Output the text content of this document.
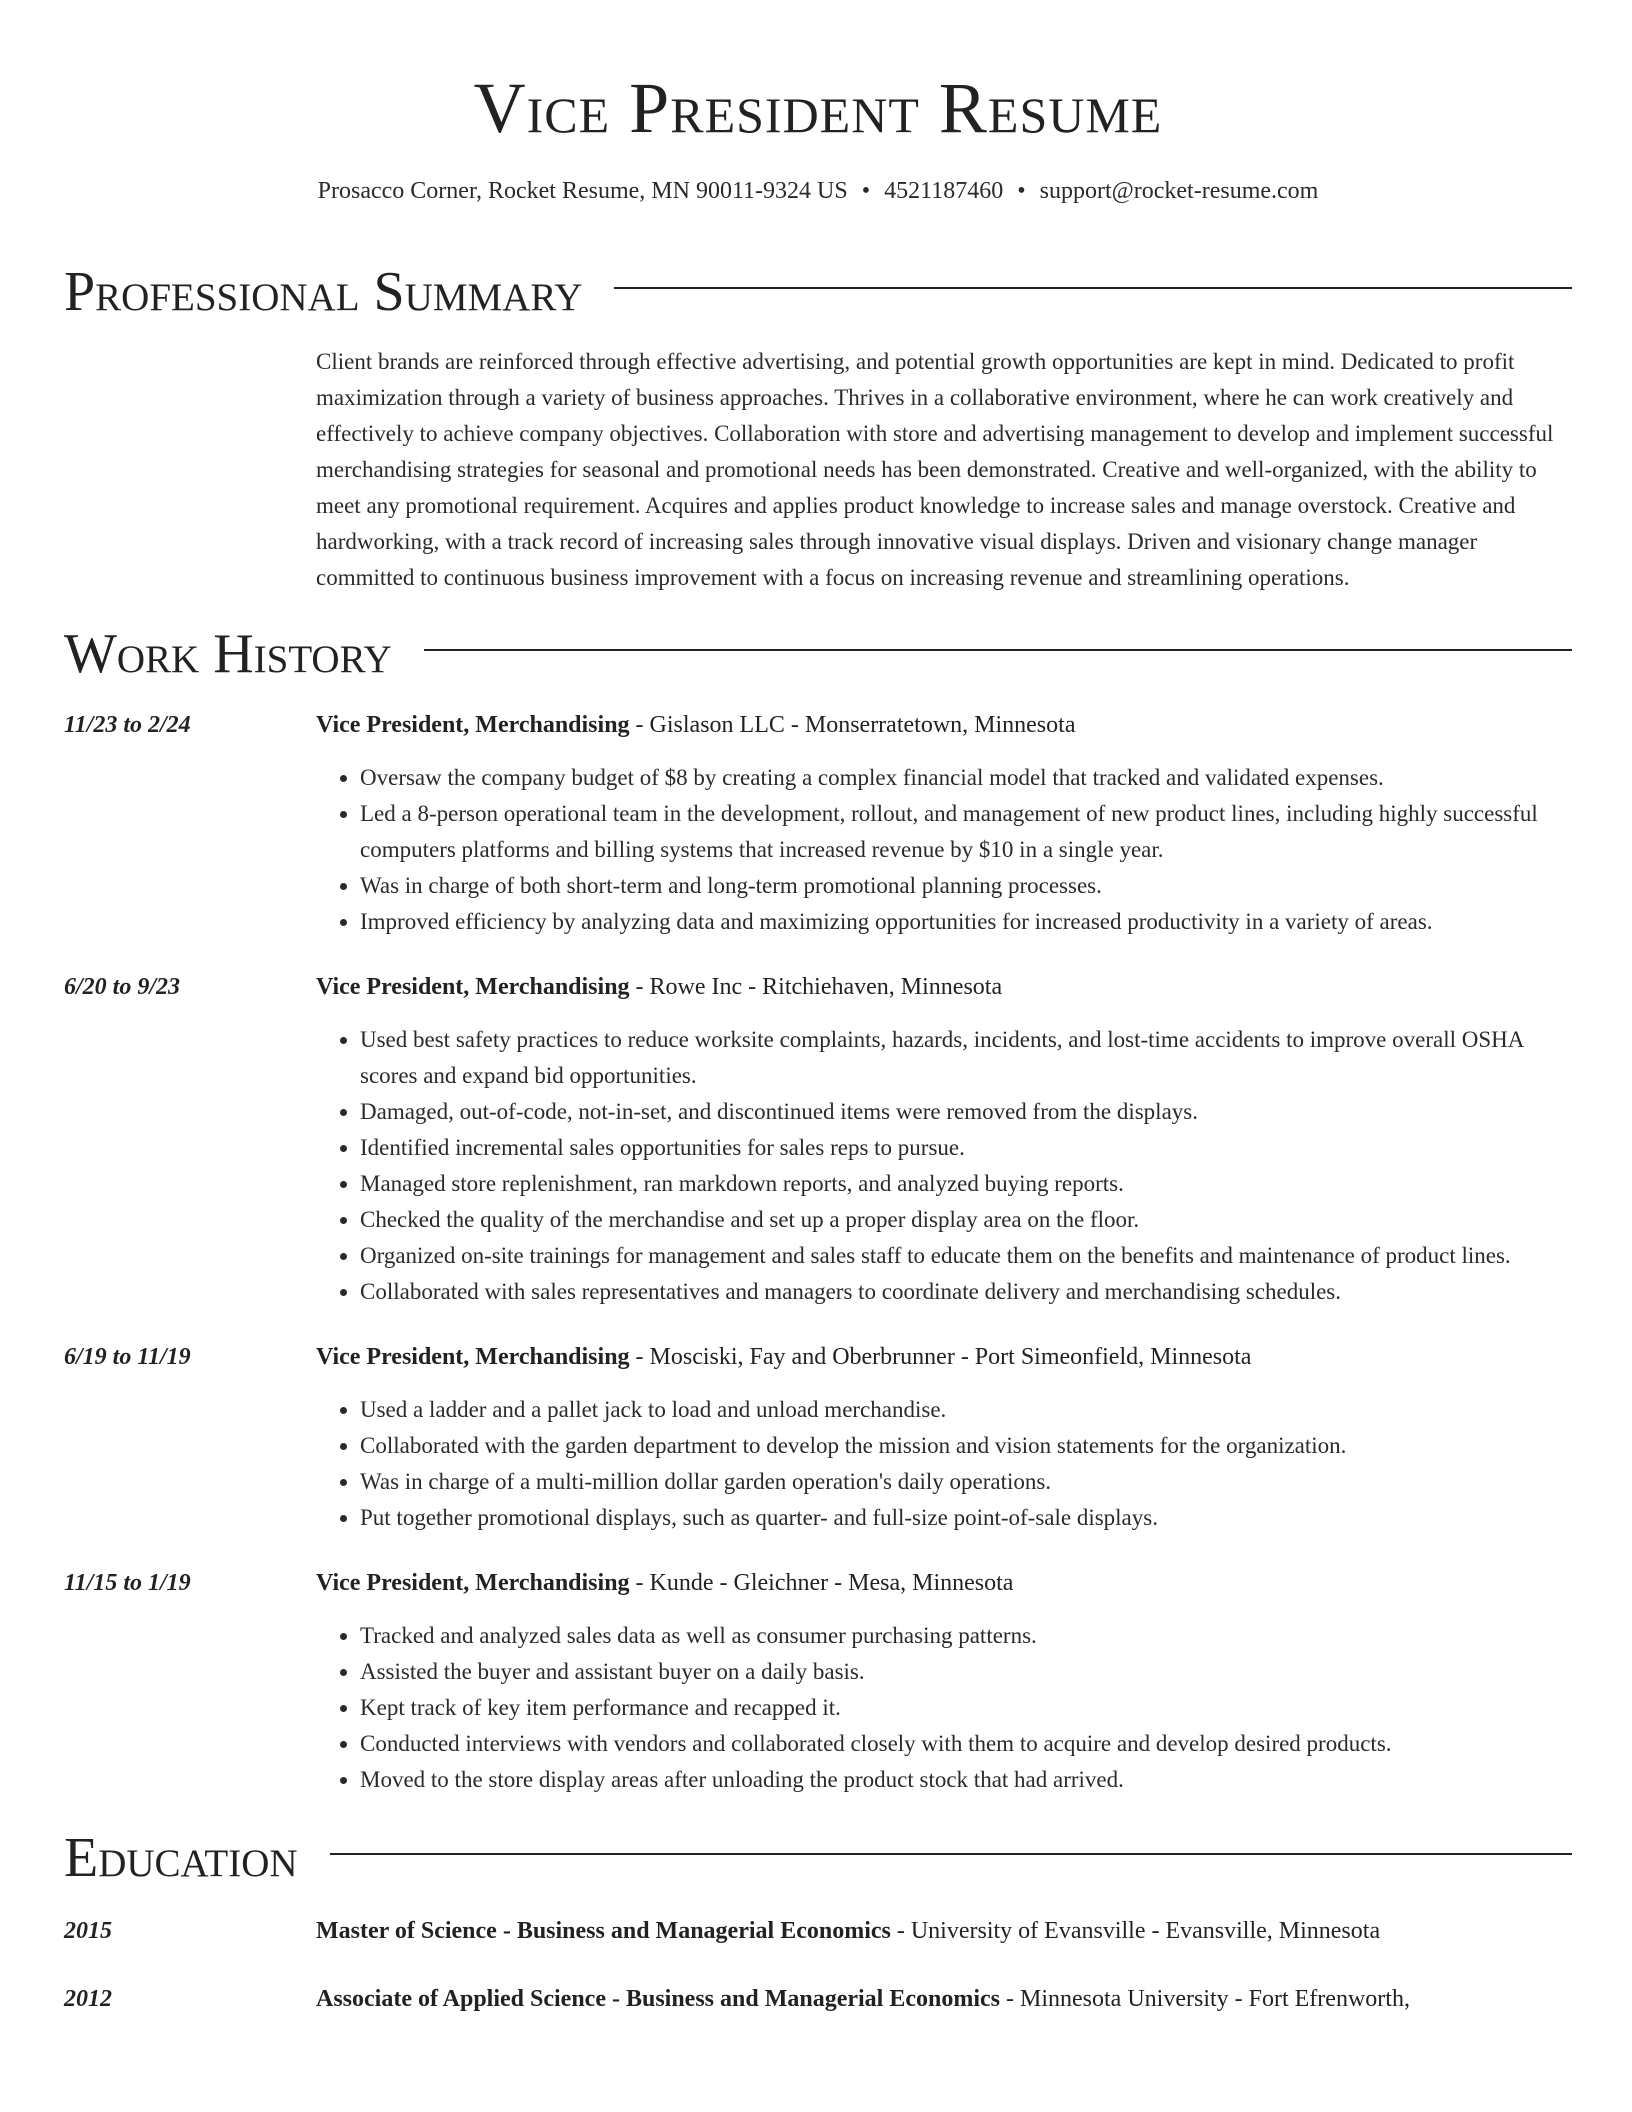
Vice President Resume
Prosacco Corner, Rocket Resume, MN 90011-9324 US • 4521187460 • support@rocket-resume.com
Professional Summary

Client brands are reinforced through effective advertising, and potential growth opportunities are kept in mind. Dedicated to profit maximization through a variety of business approaches. Thrives in a collaborative environment, where he can work creatively and effectively to achieve company objectives. Collaboration with store and advertising management to develop and implement successful merchandising strategies for seasonal and promotional needs has been demonstrated. Creative and well-organized, with the ability to meet any promotional requirement. Acquires and applies product knowledge to increase sales and manage overstock. Creative and hardworking, with a track record of increasing sales through innovative visual displays. Driven and visionary change manager committed to continuous business improvement with a focus on increasing revenue and streamlining operations.

Work History
11/23 to 2/24	Vice President, Merchandising - Gislason LLC - Monserratetown, Minnesota
• Oversaw the company budget of $8 by creating a complex financial model that tracked and validated expenses.
• Led a 8-person operational team in the development, rollout, and management of new product lines, including highly successful computers platforms and billing systems that increased revenue by $10 in a single year.
• Was in charge of both short-term and long-term promotional planning processes.
• Improved efficiency by analyzing data and maximizing opportunities for increased productivity in a variety of areas.
6/20 to 9/23	Vice President, Merchandising - Rowe Inc - Ritchiehaven, Minnesota
• Used best safety practices to reduce worksite complaints, hazards, incidents, and lost-time accidents to improve overall OSHA scores and expand bid opportunities.
• Damaged, out-of-code, not-in-set, and discontinued items were removed from the displays.
• Identified incremental sales opportunities for sales reps to pursue.
• Managed store replenishment, ran markdown reports, and analyzed buying reports.
• Checked the quality of the merchandise and set up a proper display area on the floor.
• Organized on-site trainings for management and sales staff to educate them on the benefits and maintenance of product lines.
• Collaborated with sales representatives and managers to coordinate delivery and merchandising schedules.
6/19 to 11/19	Vice President, Merchandising - Mosciski, Fay and Oberbrunner - Port Simeonfield, Minnesota
• Used a ladder and a pallet jack to load and unload merchandise.
• Collaborated with the garden department to develop the mission and vision statements for the organization.
• Was in charge of a multi-million dollar garden operation's daily operations.
• Put together promotional displays, such as quarter- and full-size point-of-sale displays.
11/15 to 1/19	Vice President, Merchandising - Kunde - Gleichner - Mesa, Minnesota
• Tracked and analyzed sales data as well as consumer purchasing patterns.
• Assisted the buyer and assistant buyer on a daily basis.
• Kept track of key item performance and recapped it.
• Conducted interviews with vendors and collaborated closely with them to acquire and develop desired products.
• Moved to the store display areas after unloading the product stock that had arrived.
Education
2015	Master of Science - Business and Managerial Economics - University of Evansville - Evansville, Minnesota
2012	Associate of Applied Science - Business and Managerial Economics - Minnesota University - Fort Efrenworth,
